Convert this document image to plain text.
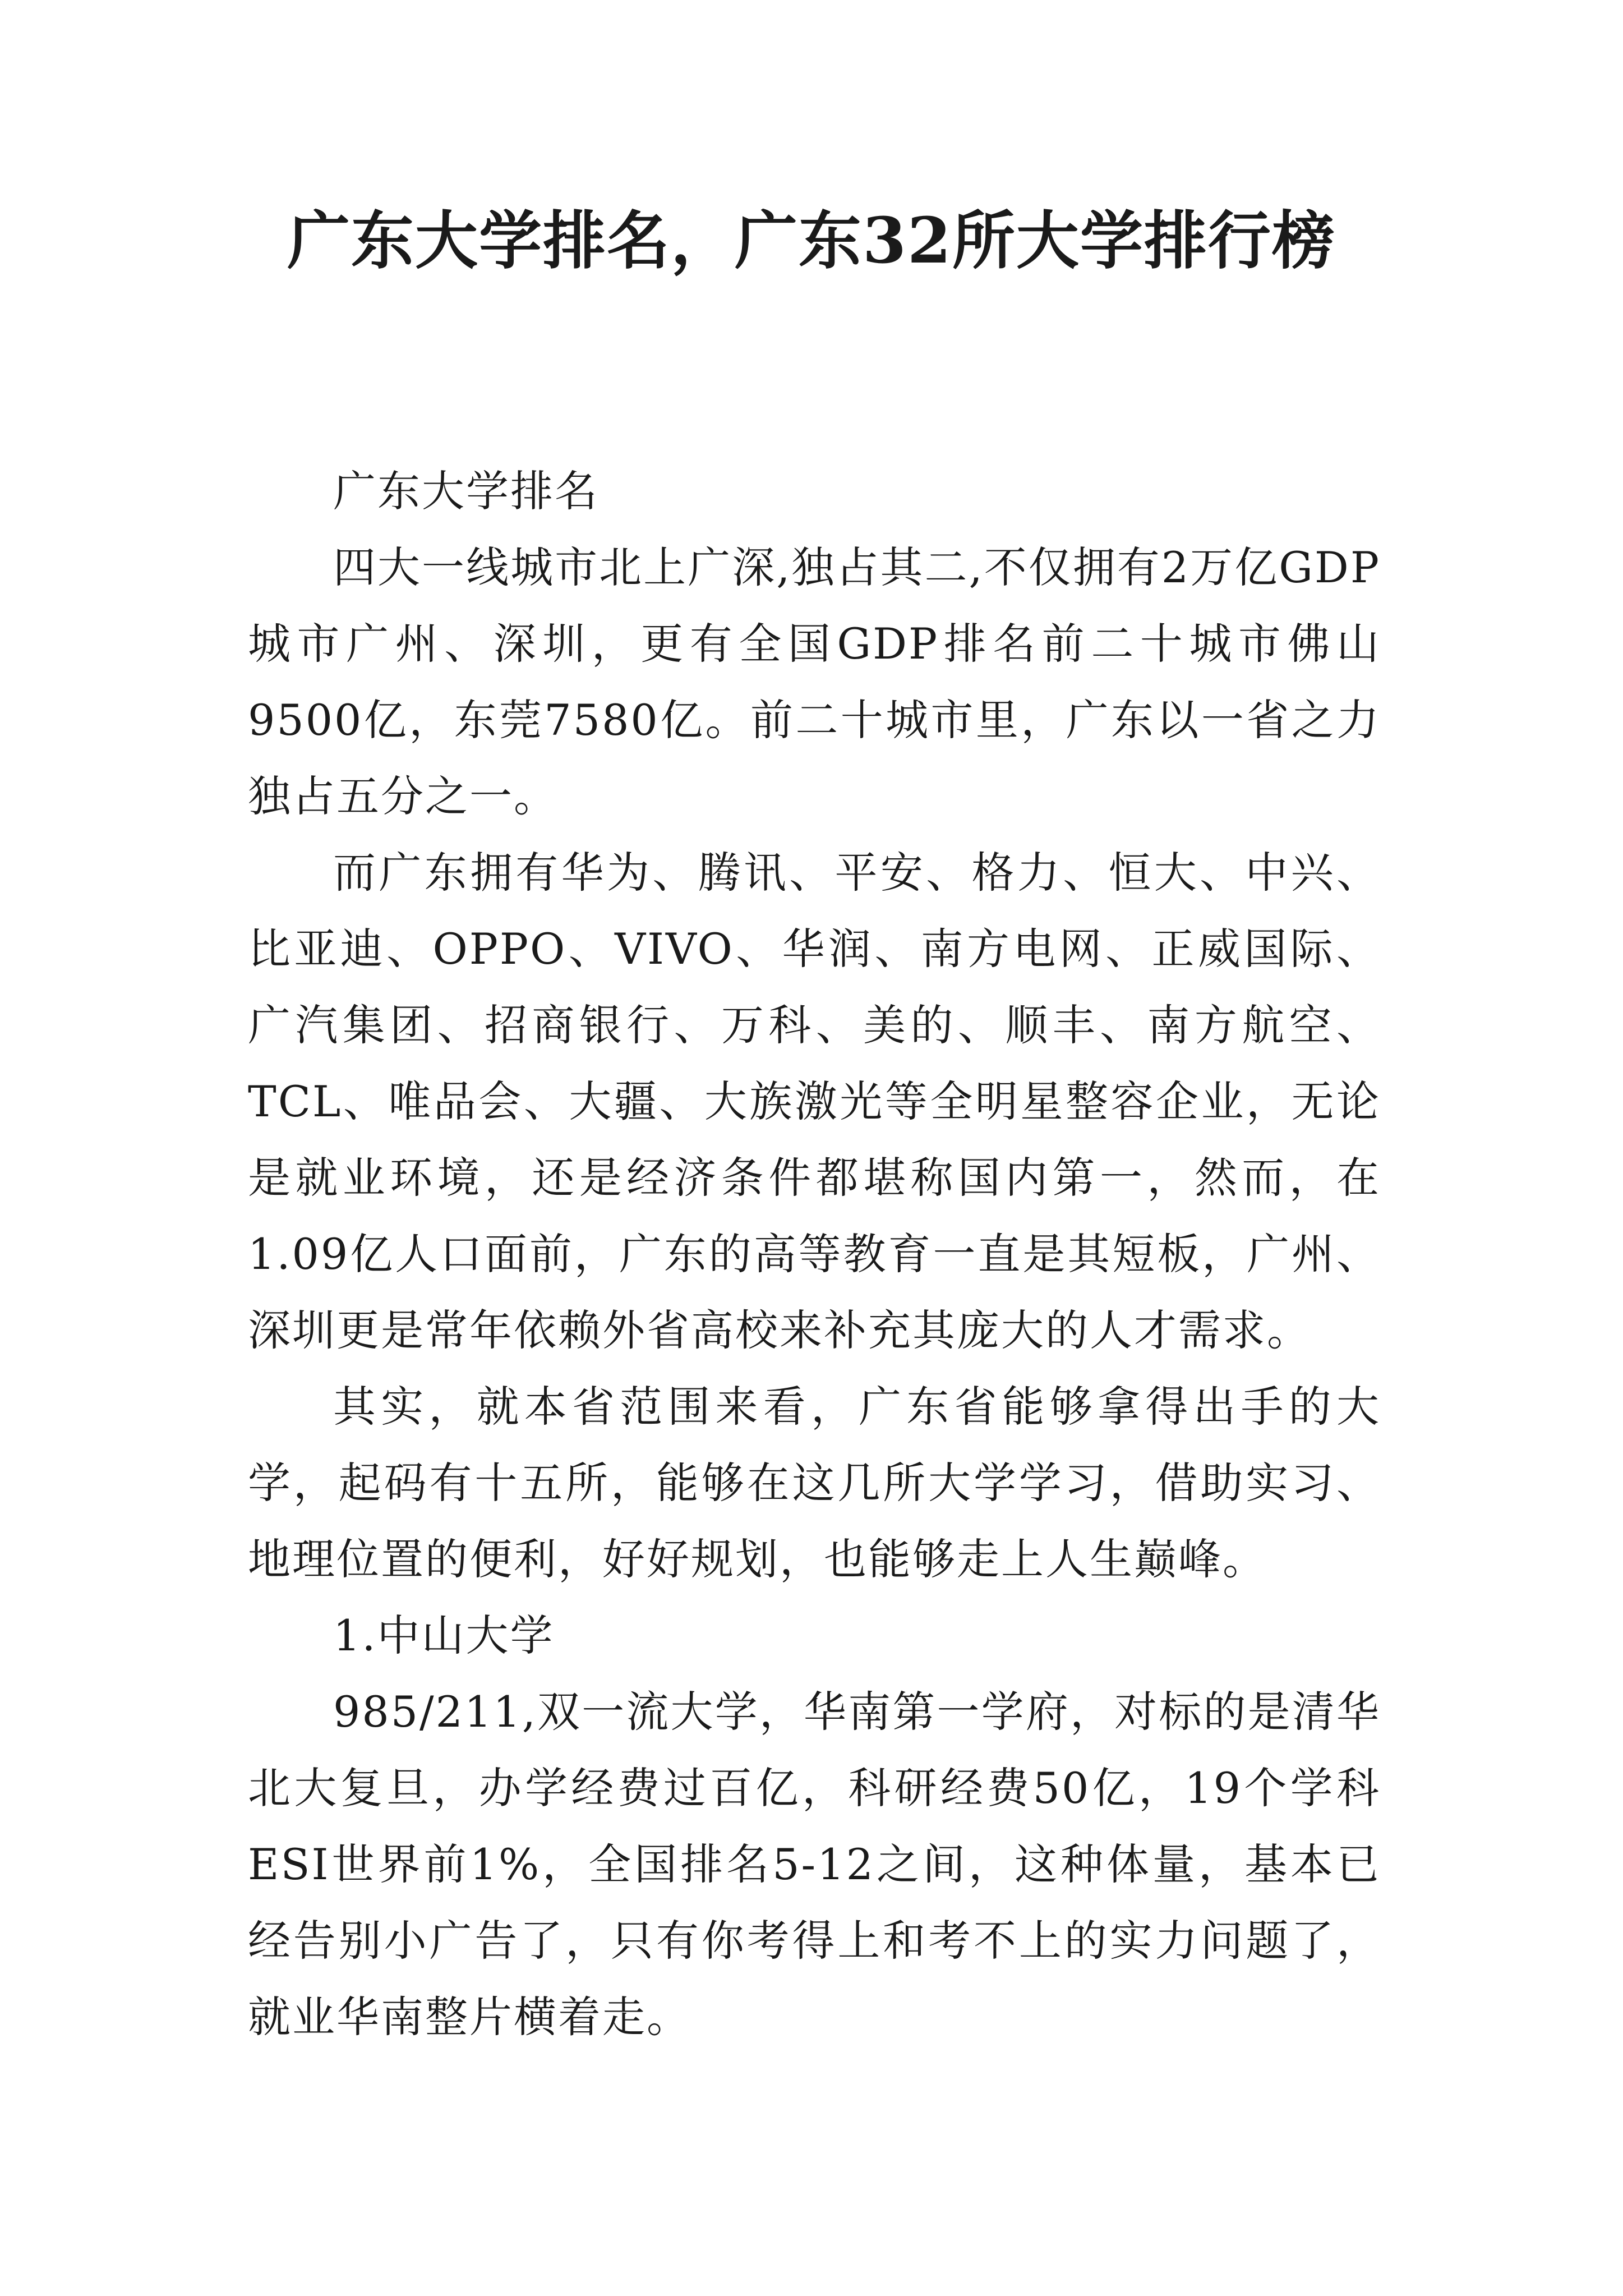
广东大学排名，广东32所大学排行榜

广东大学排名

四大一线城市北上广深,独占其二,不仅拥有2万亿GDP城市广州、深圳，更有全国GDP排名前二十城市佛山9500亿，东莞7580亿。前二十城市里，广东以一省之力独占五分之一。

而广东拥有华为、腾讯、平安、格力、恒大、中兴、比亚迪、OPPO、VIVO、华润、南方电网、正威国际、广汽集团、招商银行、万科、美的、顺丰、南方航空、TCL、唯品会、大疆、大族激光等全明星整容企业，无论是就业环境，还是经济条件都堪称国内第一，然而，在1.09亿人口面前，广东的高等教育一直是其短板，广州、深圳更是常年依赖外省高校来补充其庞大的人才需求。

其实，就本省范围来看，广东省能够拿得出手的大学，起码有十五所，能够在这几所大学学习，借助实习、地理位置的便利，好好规划，也能够走上人生巅峰。

1.中山大学

985/211,双一流大学，华南第一学府，对标的是清华北大复旦，办学经费过百亿，科研经费50亿，19个学科ESI世界前1%，全国排名5-12之间，这种体量，基本已经告别小广告了，只有你考得上和考不上的实力问题了，就业华南整片横着走。
